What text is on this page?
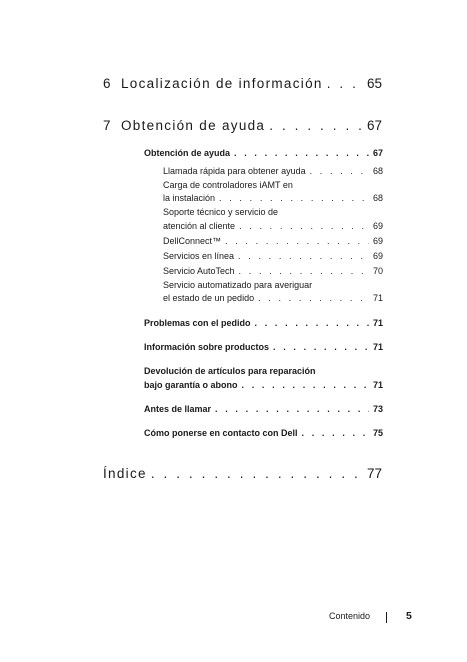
6 Localización de información . . .	65
7 Obtención de ayuda . . .	67
Obtención de ayuda . . .	67
Llamada rápida para obtener ayuda . . .	68
Carga de controladores iAMT en
la instalación . . .	68
Soporte técnico y servicio de
atención al cliente . . .	69
DellConnect™ . . .	69
Servicios en línea . . .	69
Servicio AutoTech . . .	70
Servicio automatizado para averiguar
el estado de un pedido . . .	71
Problemas con el pedido . . .	71
Información sobre productos . . .	71
Devolución de artículos para reparación
bajo garantía o abono . . .	71
Antes de llamar . . .	73
Cómo ponerse en contacto con Dell . . .	75
Índice . . .	77
Contenido	5
